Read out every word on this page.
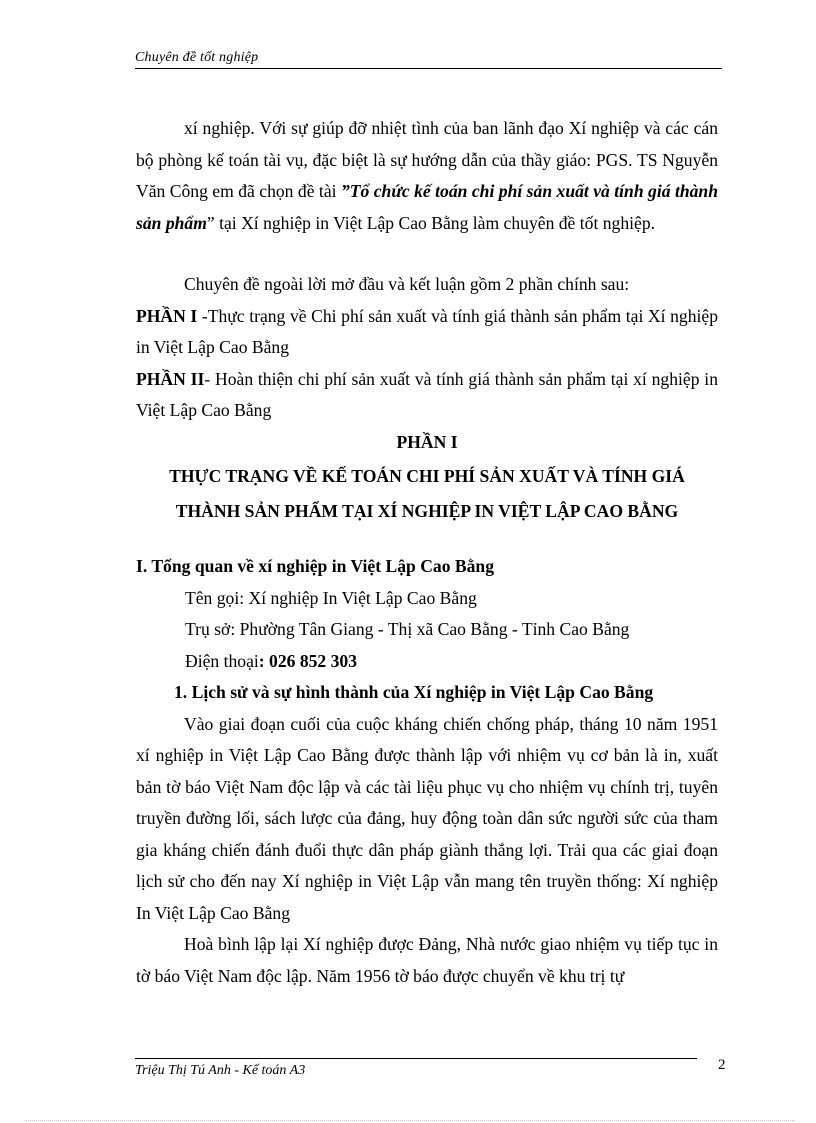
Chuyên đề tốt nghiệp

xí nghiệp. Với sự giúp đỡ nhiệt tình của ban lãnh đạo Xí nghiệp và các cán bộ phòng kế toán tài vụ, đặc biệt là sự hướng dẫn của thầy giáo: PGS. TS Nguyễn Văn Công em đã chọn đề tài ”Tổ chức kế toán chi phí sản xuất và tính giá thành sản phẩm” tại Xí nghiệp in Việt Lập Cao Bằng làm chuyên đề tốt nghiệp.

Chuyên đề ngoài lời mở đầu và kết luận gồm 2 phần chính sau:

PHẦN I -Thực trạng về Chi phí sản xuất và tính giá thành sản phẩm tại Xí nghiệp in Việt Lập Cao Bằng

PHẦN II- Hoàn thiện chi phí sản xuất và tính giá thành sản phẩm tại xí nghiệp in Việt Lập Cao Bằng

PHẦN I

THỰC TRẠNG VỀ KẾ TOÁN CHI PHÍ SẢN XUẤT VÀ TÍNH GIÁ

THÀNH SẢN PHẨM TẠI XÍ NGHIỆP IN VIỆT LẬP CAO BẰNG

I. Tổng quan về xí nghiệp in Việt Lập Cao Bằng

Tên gọi: Xí nghiệp In Việt Lập Cao Bằng

Trụ sở: Phường Tân Giang - Thị xã Cao Bằng - Tỉnh Cao Bằng

Điện thoại: 026 852 303

1. Lịch sử và sự hình thành của Xí nghiệp in Việt Lập Cao Bằng

Vào giai đoạn cuối của cuộc kháng chiến chống pháp, tháng 10 năm 1951 xí nghiệp in Việt Lập Cao Bằng được thành lập với nhiệm vụ cơ bản là in, xuất bản tờ báo Việt Nam độc lập và các tài liệu phục vụ cho nhiệm vụ chính trị, tuyên truyền đường lối, sách lược của đảng, huy động toàn dân sức người sức của tham gia kháng chiến đánh đuổi thực dân pháp giành thắng lợi. Trải qua các giai đoạn lịch sử cho đến nay Xí nghiệp in Việt Lập vẫn mang tên truyền thống: Xí nghiệp In Việt Lập Cao Bằng

Hoà bình lập lại Xí nghiệp được Đảng, Nhà nước giao nhiệm vụ tiếp tục in tờ báo Việt Nam độc lập. Năm 1956 tờ báo được chuyển về khu trị tự

Triệu Thị Tú Anh - Kế toán A3	2
